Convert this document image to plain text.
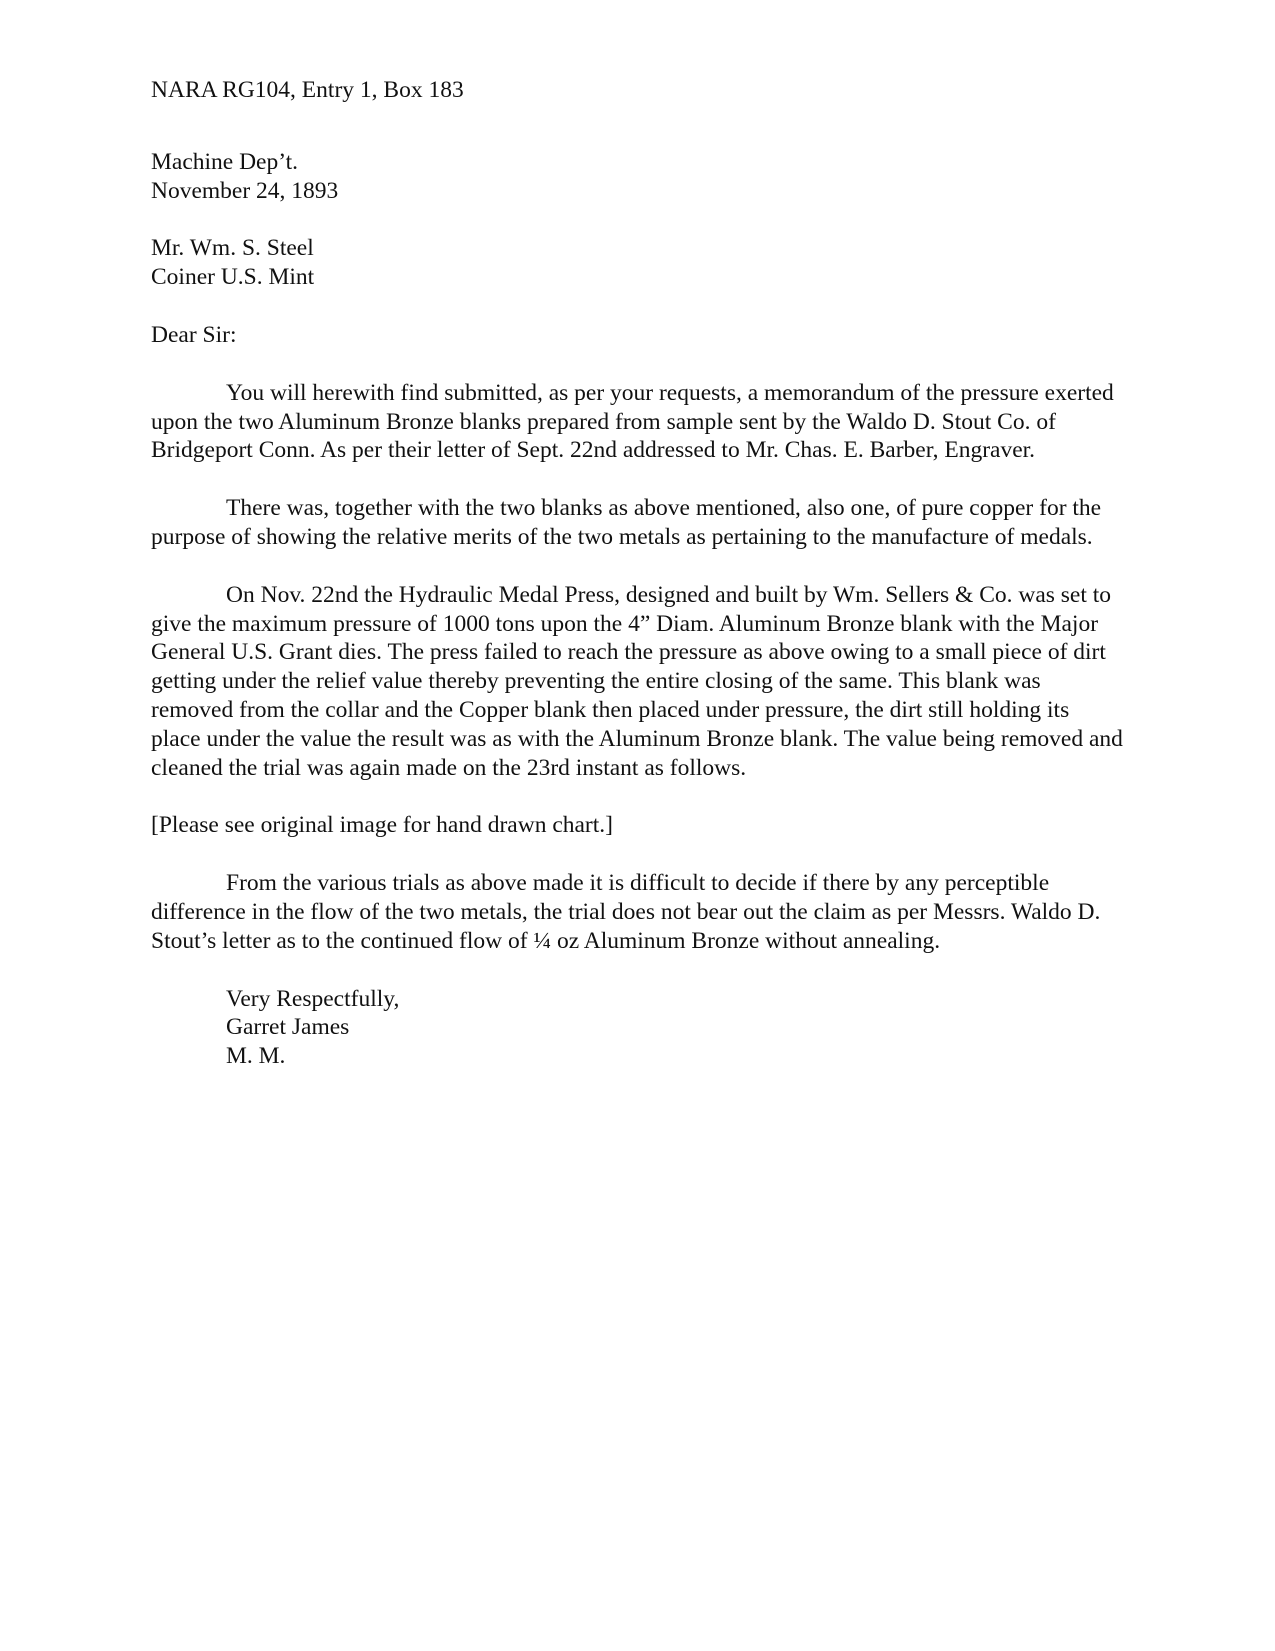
NARA RG104, Entry 1, Box 183
Machine Dep’t.
November 24, 1893
Mr. Wm. S. Steel
Coiner U.S. Mint
Dear Sir:

You will herewith find submitted, as per your requests, a memorandum of the pressure exerted upon the two Aluminum Bronze blanks prepared from sample sent by the Waldo D. Stout Co. of Bridgeport Conn. As per their letter of Sept. 22nd addressed to Mr. Chas. E. Barber, Engraver.

There was, together with the two blanks as above mentioned, also one, of pure copper for the purpose of showing the relative merits of the two metals as pertaining to the manufacture of medals.

On Nov. 22nd the Hydraulic Medal Press, designed and built by Wm. Sellers & Co. was set to give the maximum pressure of 1000 tons upon the 4” Diam. Aluminum Bronze blank with the Major General U.S. Grant dies. The press failed to reach the pressure as above owing to a small piece of dirt getting under the relief value thereby preventing the entire closing of the same. This blank was removed from the collar and the Copper blank then placed under pressure, the dirt still holding its place under the value the result was as with the Aluminum Bronze blank. The value being removed and cleaned the trial was again made on the 23rd instant as follows.

[Please see original image for hand drawn chart.]

From the various trials as above made it is difficult to decide if there by any perceptible difference in the flow of the two metals, the trial does not bear out the claim as per Messrs. Waldo D. Stout’s letter as to the continued flow of ¼ oz Aluminum Bronze without annealing.

Very Respectfully,
Garret James
M. M.
